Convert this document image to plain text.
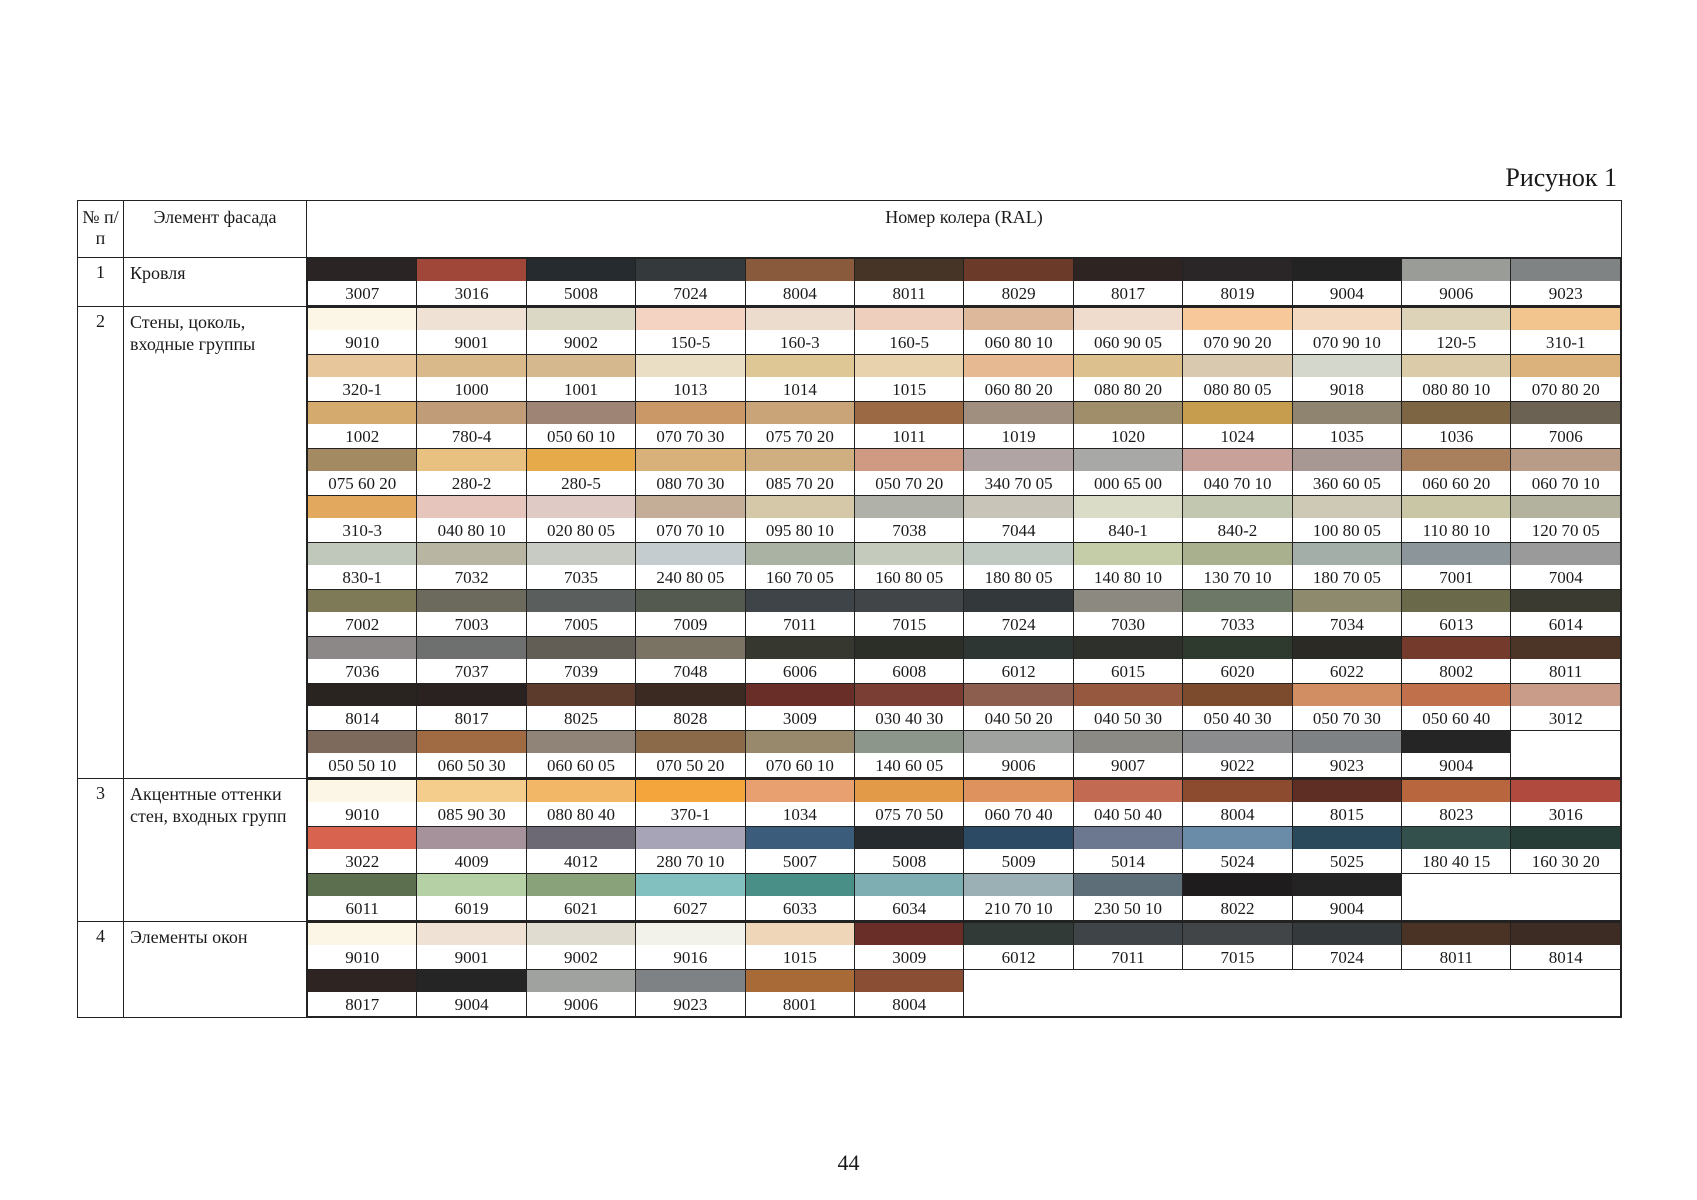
Рисунок 1
№ п/п	Элемент фасада	Номер колера (RAL)
1	Кровля	
3007	3016	5008	7024	8004	8011	8029	8017	8019	9004	9006	9023

2	Стены, цоколь, входные группы		9010	9001	9002	150-5	160-3	160-5	060 80 10	060 90 05	070 90 20	070 90 10	120-5	310-1

320-1	1000	1001	1013	1014	1015	060 80 20	080 80 20	080 80 05	9018	080 80 10	070 80 20

1002	780-4	050 60 10	070 70 30	075 70 20	1011	1019	1020	1024	1035	1036	7006

075 60 20	280-2	280-5	080 70 30	085 70 20	050 70 20	340 70 05	000 65 00	040 70 10	360 60 05	060 60 20	060 70 10

310-3	040 80 10	020 80 05	070 70 10	095 80 10	7038	7044	840-1	840-2	100 80 05	110 80 10	120 70 05

830-1	7032	7035	240 80 05	160 70 05	160 80 05	180 80 05	140 80 10	130 70 10	180 70 05	7001	7004

7002	7003	7005	7009	7011	7015	7024	7030	7033	7034	6013	6014

7036	7037	7039	7048	6006	6008	6012	6015	6020	6022	8002	8011

8014	8017	8025	8028	3009	030 40 30	040 50 20	040 50 30	050 40 30	050 70 30	050 60 40	3012

050 50 10	060 50 30	060 60 05	070 50 20	070 60 10	140 60 05	9006	9007	9022	9023	9004

3	Акцентные оттенки стен, входных групп		9010	085 90 30	080 80 40	370-1	1034	075 70 50	060 70 40	040 50 40	8004	8015	8023	3016

3022	4009	4012	280 70 10	5007	5008	5009	5014	5024	5025	180 40 15	160 30 20

6011	6019	6021	6027	6033	6034	210 70 10	230 50 10	8022	9004

4	Элементы окон	
9010	9001	9002	9016	1015	3009	6012	7011	7015	7024	8011	8014

8017	9004	9006	9023	8001	8004

44
